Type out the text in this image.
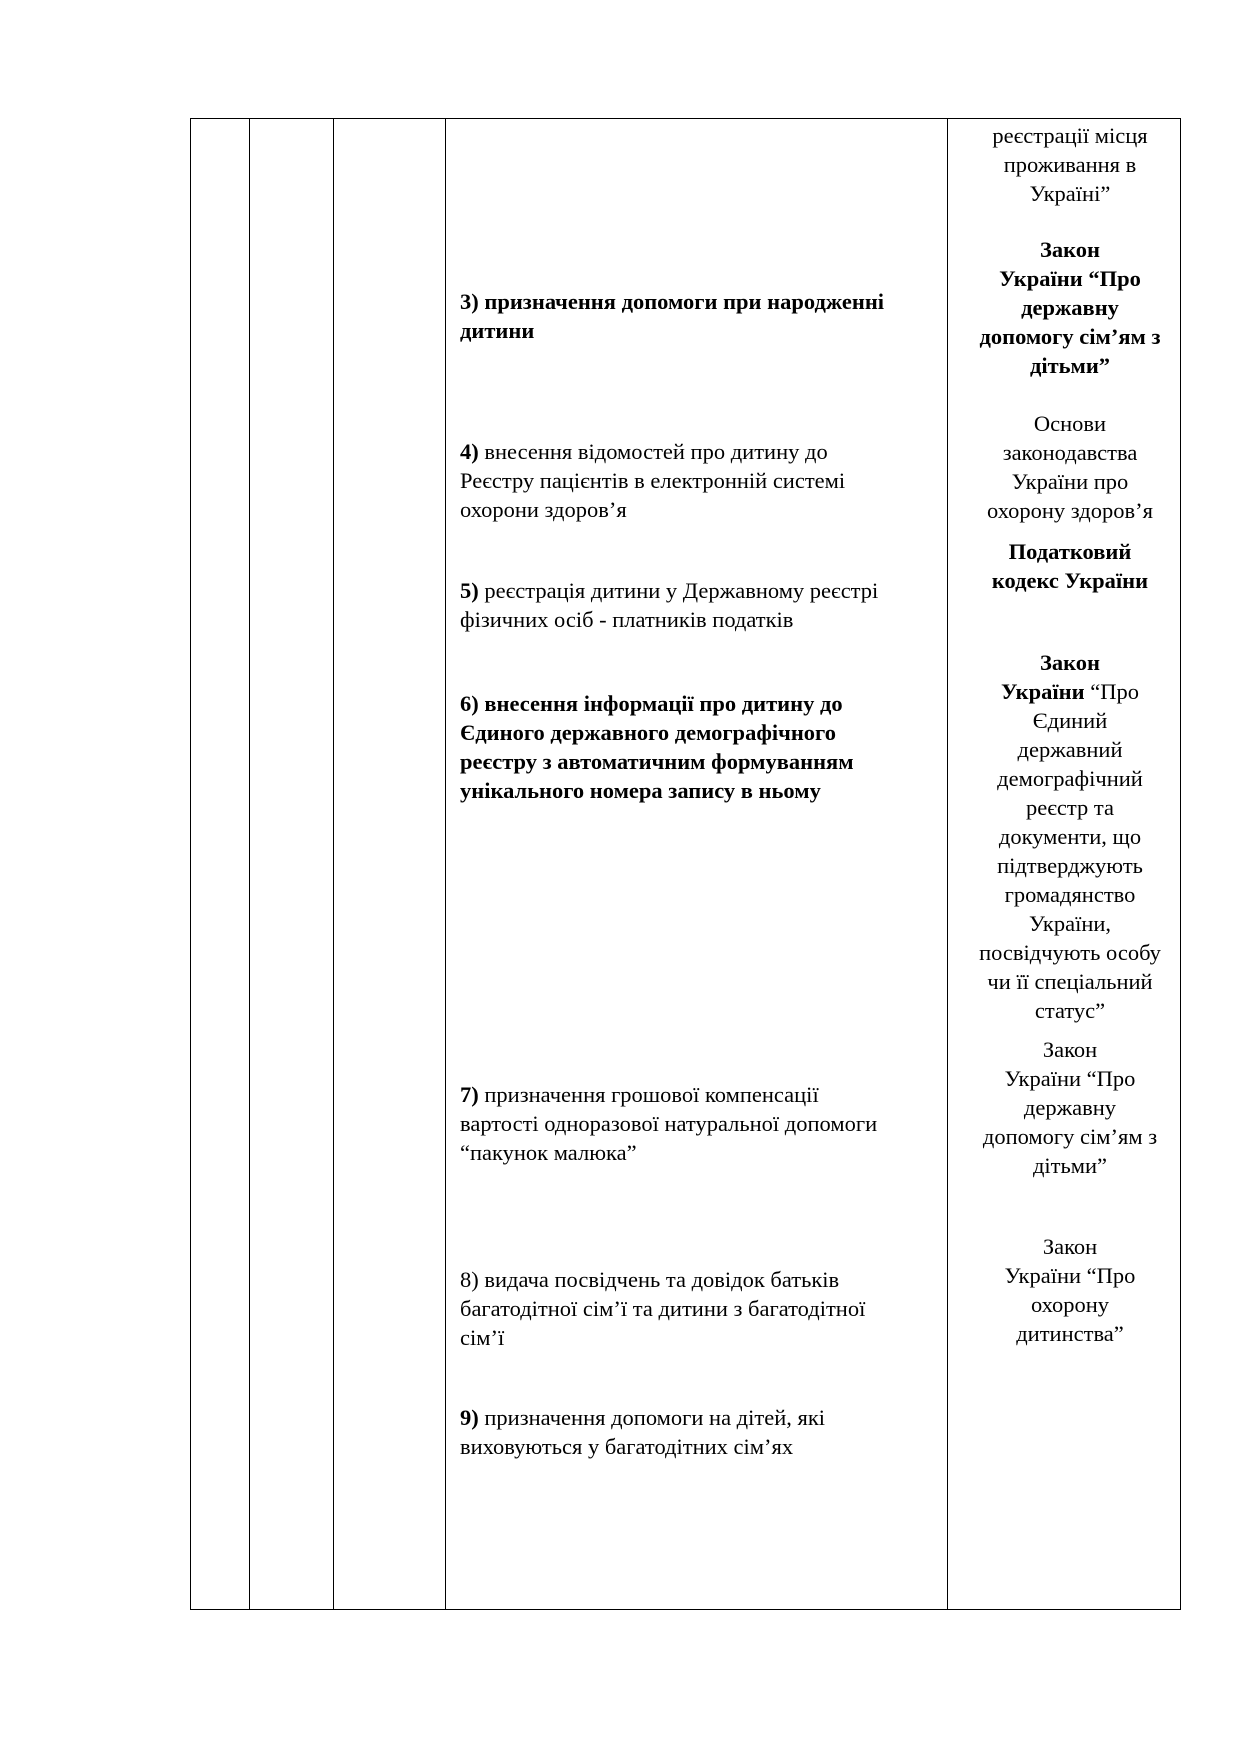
3) призначення допомоги при народженні
дитини
4) внесення відомостей про дитину до
Реєстру пацієнтів в електронній системі
охорони здоров’я
5) реєстрація дитини у Державному реєстрі
фізичних осіб - платників податків
6) внесення інформації про дитину до
Єдиного державного демографічного
реєстру з автоматичним формуванням
унікального номера запису в ньому
7) призначення грошової компенсації
вартості одноразової натуральної допомоги
“пакунок малюка”
8) видача посвідчень та довідок батьків
багатодітної сім’ї та дитини з багатодітної
сім’ї
9) призначення допомоги на дітей, які
виховуються у багатодітних сім’ях
реєстрації місця
проживання в
Україні”
Закон
України “Про
державну
допомогу сім’ям з
дітьми”
Основи
законодавства
України про
охорону здоров’я
Податковий
кодекс України
Закон
України “Про
Єдиний
державний
демографічний
реєстр та
документи, що
підтверджують
громадянство
України,
посвідчують особу
чи її спеціальний
статус”
Закон
України “Про
державну
допомогу сім’ям з
дітьми”
Закон
України “Про
охорону
дитинства”
